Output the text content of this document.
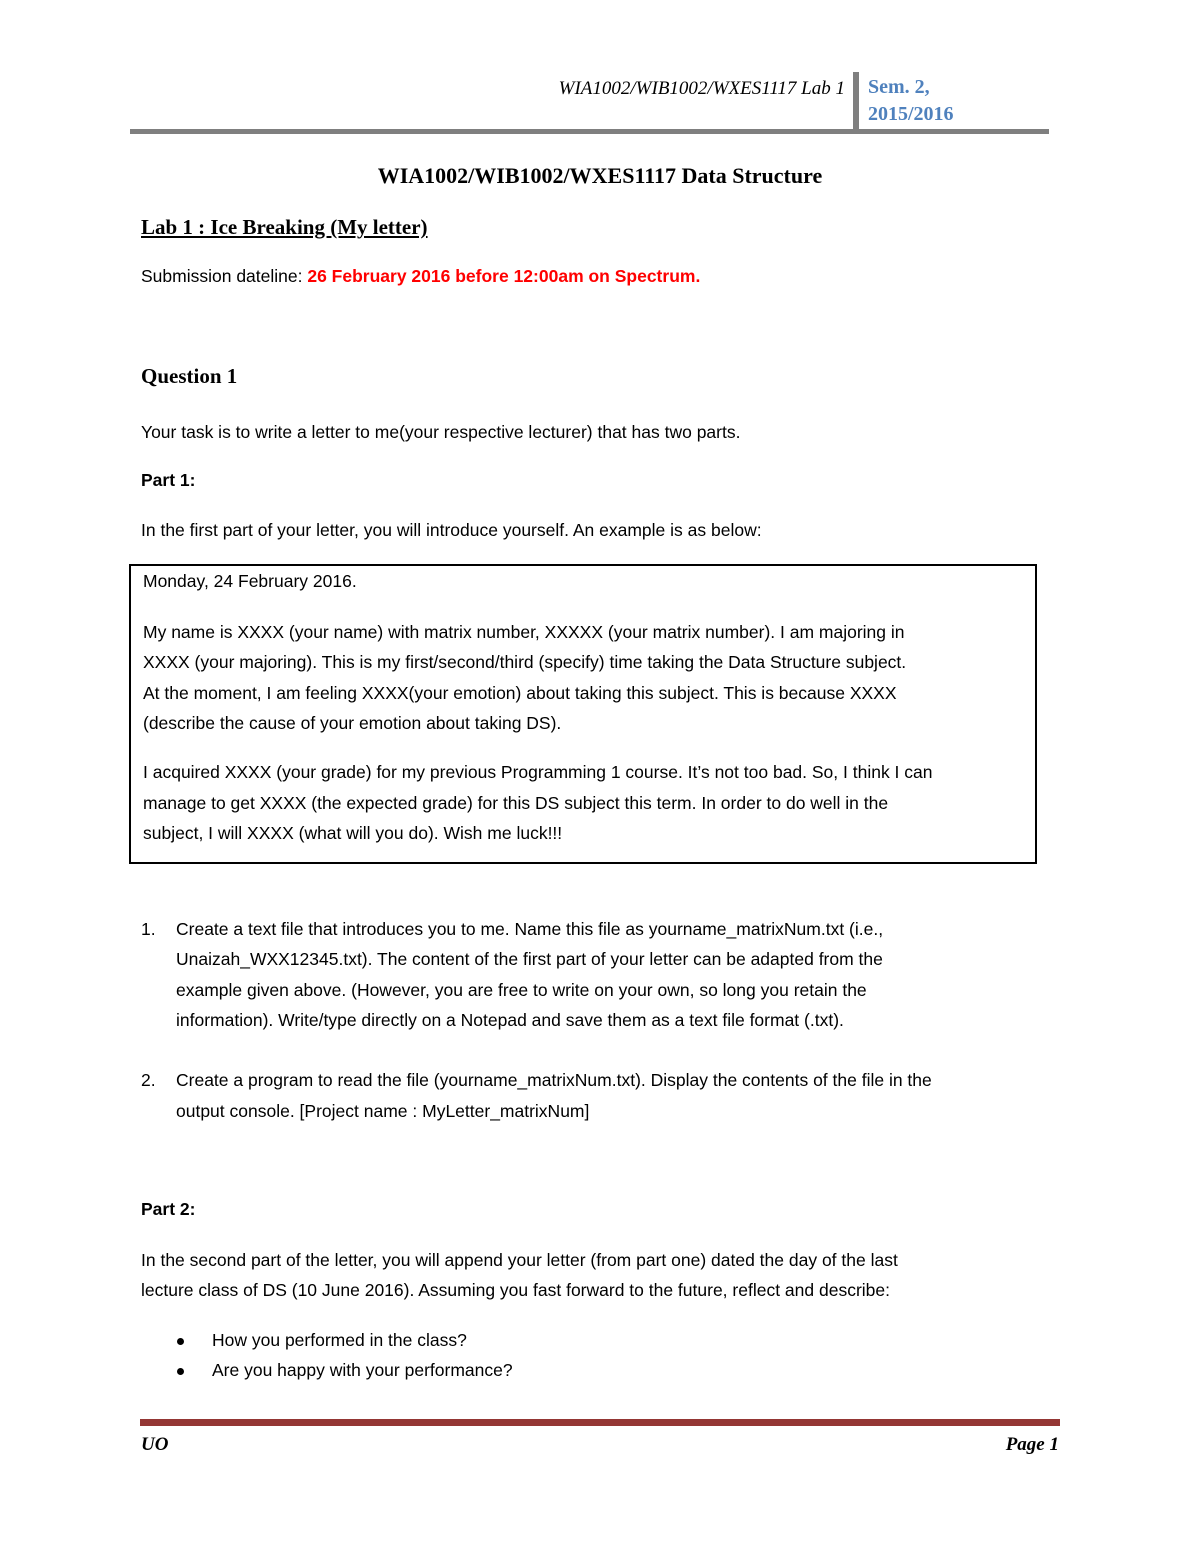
WIA1002/WIB1002/WXES1117 Lab 1 Sem. 2,
2015/2016
WIA1002/WIB1002/WXES1117 Data Structure
Lab 1 : Ice Breaking (My letter)
Submission dateline: 26 February 2016 before 12:00am on Spectrum.
Question 1
Your task is to write a letter to me(your respective lecturer) that has two parts.
Part 1:
In the first part of your letter, you will introduce yourself. An example is as below:
Monday, 24 February 2016.
My name is XXXX (your name) with matrix number, XXXXX (your matrix number). I am majoring in
XXXX (your majoring). This is my first/second/third (specify) time taking the Data Structure subject.
At the moment, I am feeling XXXX(your emotion) about taking this subject. This is because XXXX
(describe the cause of your emotion about taking DS).
I acquired XXXX (your grade) for my previous Programming 1 course. It’s not too bad. So, I think I can
manage to get XXXX (the expected grade) for this DS subject this term. In order to do well in the
subject, I will XXXX (what will you do). Wish me luck!!!
1. Create a text file that introduces you to me. Name this file as yourname_matrixNum.txt (i.e.,
Unaizah_WXX12345.txt). The content of the first part of your letter can be adapted from the
example given above. (However, you are free to write on your own, so long you retain the
information). Write/type directly on a Notepad and save them as a text file format (.txt).
2. Create a program to read the file (yourname_matrixNum.txt). Display the contents of the file in the
output console. [Project name : MyLetter_matrixNum]
Part 2:
In the second part of the letter, you will append your letter (from part one) dated the day of the last
lecture class of DS (10 June 2016). Assuming you fast forward to the future, reflect and describe:
How you performed in the class?
Are you happy with your performance?
UO	Page 1
